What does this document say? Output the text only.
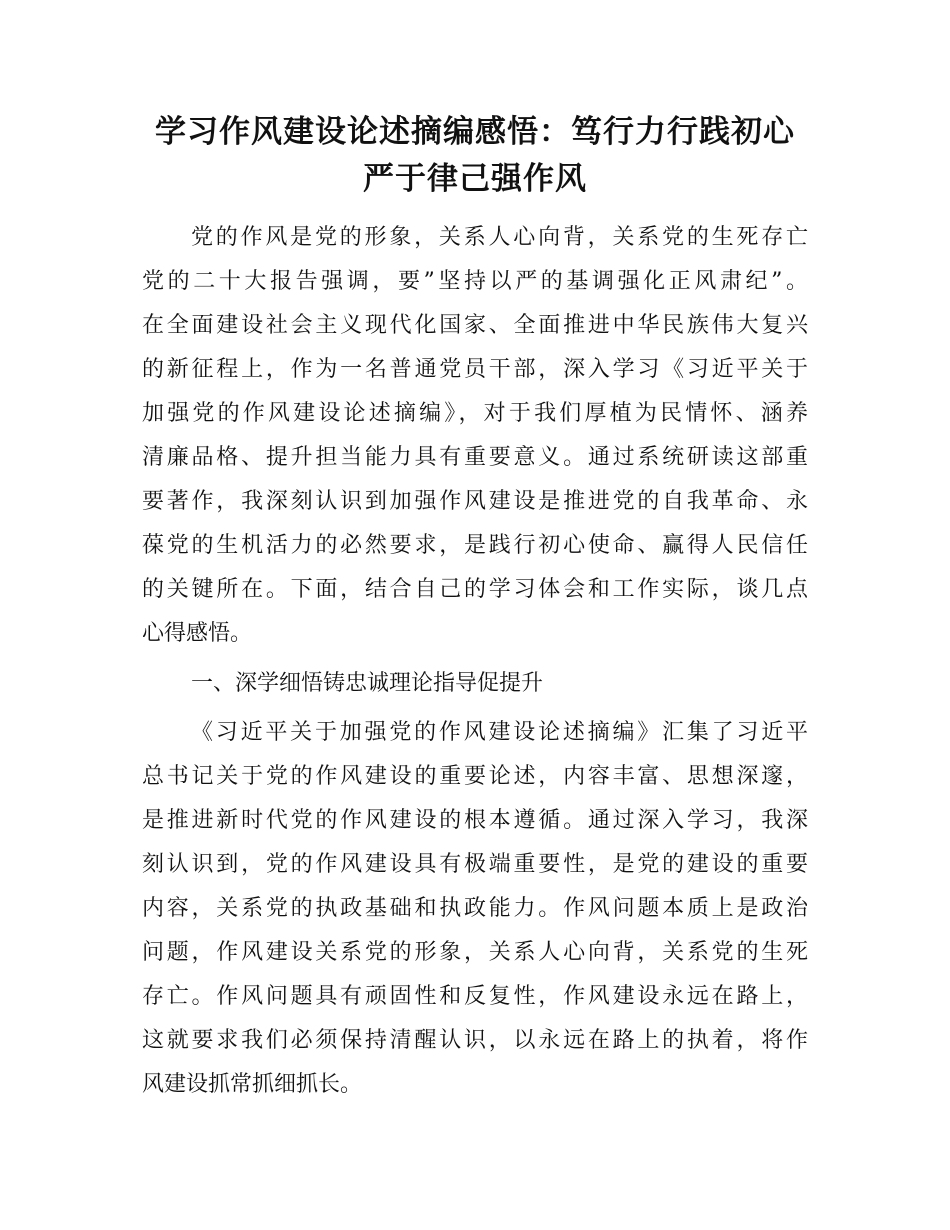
学习作风建设论述摘编感悟：笃行力行践初心
严于律己强作风
党的作风是党的形象，关系人心向背，关系党的生死存亡
党的二十大报告强调，要”坚持以严的基调强化正风肃纪”。
在全面建设社会主义现代化国家、全面推进中华民族伟大复兴
的新征程上，作为一名普通党员干部，深入学习《习近平关于
加强党的作风建设论述摘编》，对于我们厚植为民情怀、涵养
清廉品格、提升担当能力具有重要意义。通过系统研读这部重
要著作，我深刻认识到加强作风建设是推进党的自我革命、永
葆党的生机活力的必然要求，是践行初心使命、赢得人民信任
的关键所在。下面，结合自己的学习体会和工作实际，谈几点
心得感悟。
一、深学细悟铸忠诚理论指导促提升
《习近平关于加强党的作风建设论述摘编》汇集了习近平
总书记关于党的作风建设的重要论述，内容丰富、思想深邃，
是推进新时代党的作风建设的根本遵循。通过深入学习，我深
刻认识到，党的作风建设具有极端重要性，是党的建设的重要
内容，关系党的执政基础和执政能力。作风问题本质上是政治
问题，作风建设关系党的形象，关系人心向背，关系党的生死
存亡。作风问题具有顽固性和反复性，作风建设永远在路上，
这就要求我们必须保持清醒认识，以永远在路上的执着，将作
风建设抓常抓细抓长。
